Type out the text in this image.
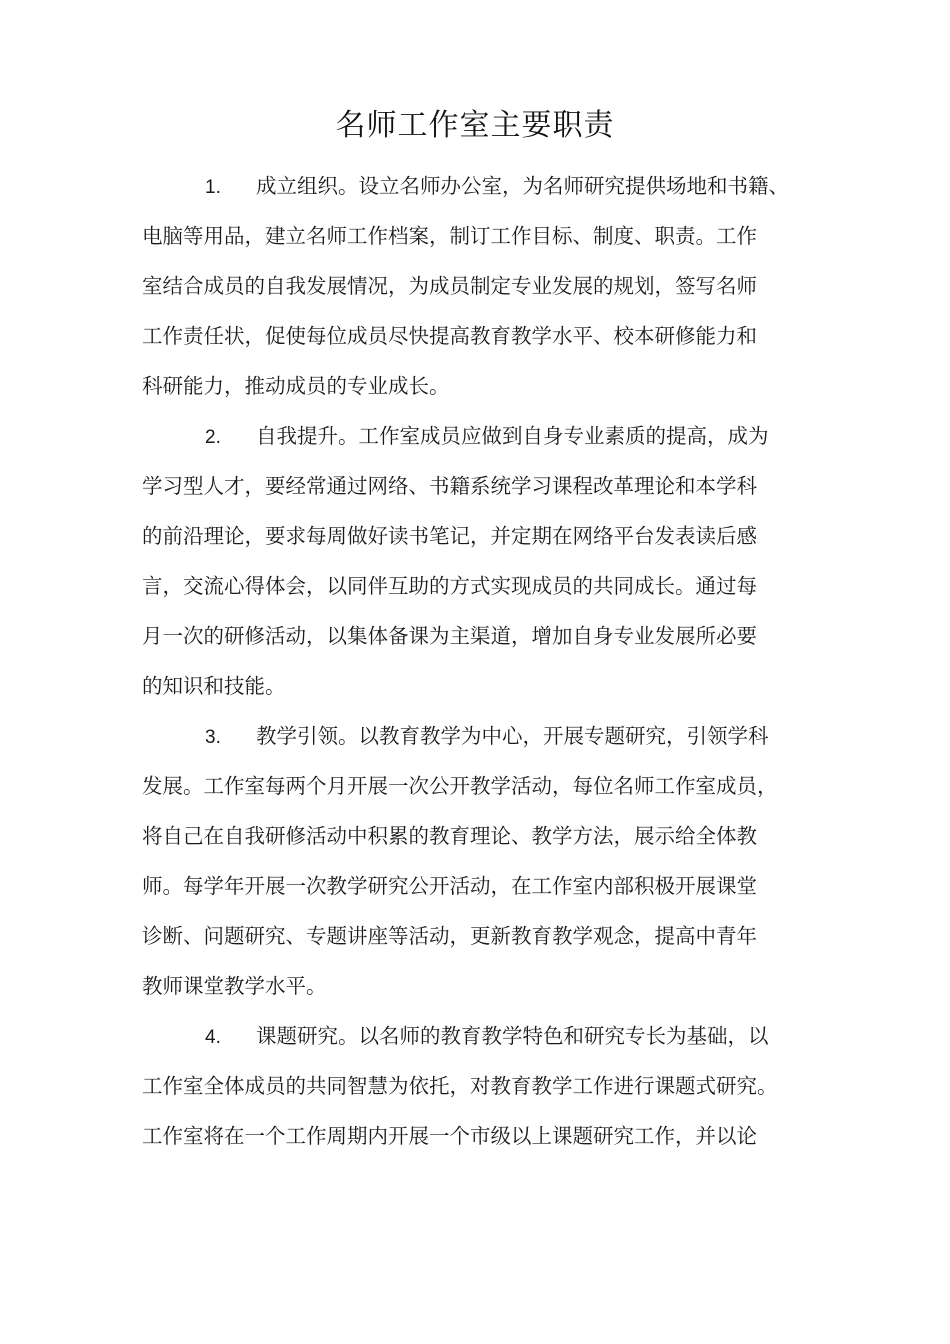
名师工作室主要职责
1. 成立组织。设立名师办公室，为名师研究提供场地和书籍、
电脑等用品，建立名师工作档案，制订工作目标、制度、职责。工作
室结合成员的自我发展情况，为成员制定专业发展的规划，签写名师
工作责任状，促使每位成员尽快提高教育教学水平、校本研修能力和
科研能力，推动成员的专业成长。
2. 自我提升。工作室成员应做到自身专业素质的提高，成为
学习型人才，要经常通过网络、书籍系统学习课程改革理论和本学科
的前沿理论，要求每周做好读书笔记，并定期在网络平台发表读后感
言，交流心得体会，以同伴互助的方式实现成员的共同成长。通过每
月一次的研修活动，以集体备课为主渠道，增加自身专业发展所必要
的知识和技能。
3. 教学引领。以教育教学为中心，开展专题研究，引领学科
发展。工作室每两个月开展一次公开教学活动，每位名师工作室成员，
将自己在自我研修活动中积累的教育理论、教学方法，展示给全体教
师。每学年开展一次教学研究公开活动，在工作室内部积极开展课堂
诊断、问题研究、专题讲座等活动，更新教育教学观念，提高中青年
教师课堂教学水平。
4. 课题研究。以名师的教育教学特色和研究专长为基础，以
工作室全体成员的共同智慧为依托，对教育教学工作进行课题式研究。
工作室将在一个工作周期内开展一个市级以上课题研究工作，并以论
